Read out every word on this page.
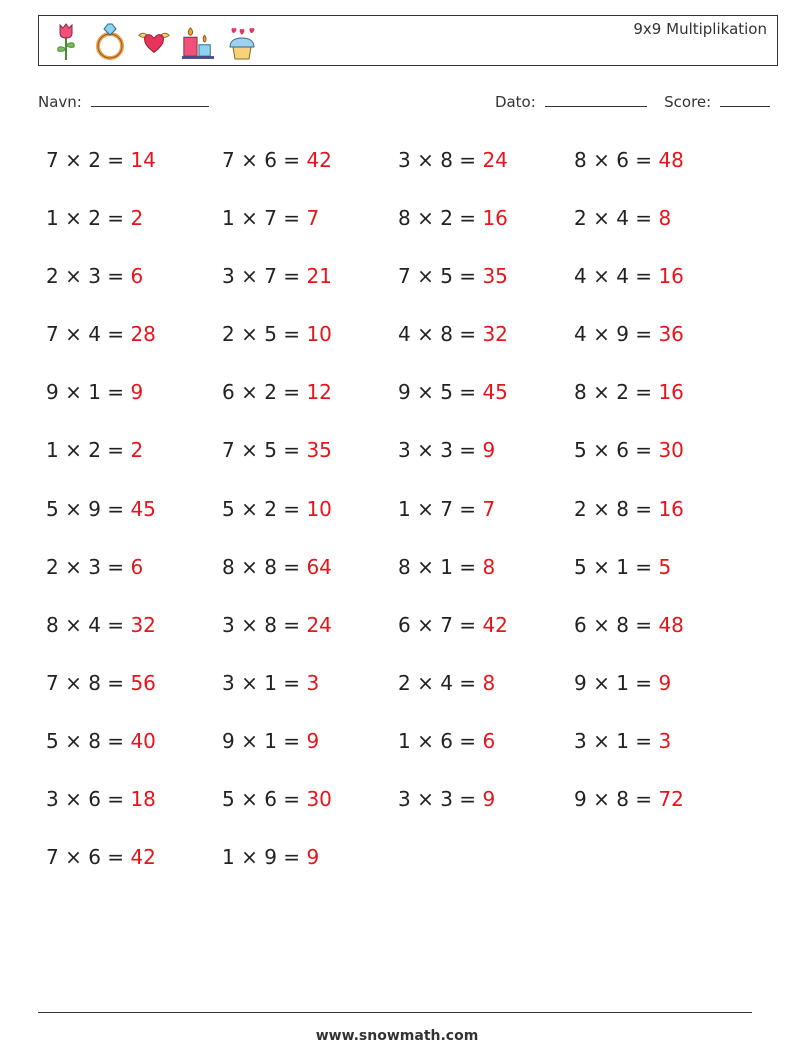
9x9 Multiplikation
Navn:	Dato:	Score:
7 × 2 = 14	7 × 6 = 42	3 × 8 = 24	8 × 6 = 48
1 × 2 = 2	1 × 7 = 7	8 × 2 = 16	2 × 4 = 8
2 × 3 = 6	3 × 7 = 21	7 × 5 = 35	4 × 4 = 16
7 × 4 = 28	2 × 5 = 10	4 × 8 = 32	4 × 9 = 36
9 × 1 = 9	6 × 2 = 12	9 × 5 = 45	8 × 2 = 16
1 × 2 = 2	7 × 5 = 35	3 × 3 = 9	5 × 6 = 30
5 × 9 = 45	5 × 2 = 10	1 × 7 = 7	2 × 8 = 16
2 × 3 = 6	8 × 8 = 64	8 × 1 = 8	5 × 1 = 5
8 × 4 = 32	3 × 8 = 24	6 × 7 = 42	6 × 8 = 48
7 × 8 = 56	3 × 1 = 3	2 × 4 = 8	9 × 1 = 9
5 × 8 = 40	9 × 1 = 9	1 × 6 = 6	3 × 1 = 3
3 × 6 = 18	5 × 6 = 30	3 × 3 = 9	9 × 8 = 72
7 × 6 = 42	1 × 9 = 9
www.snowmath.com
